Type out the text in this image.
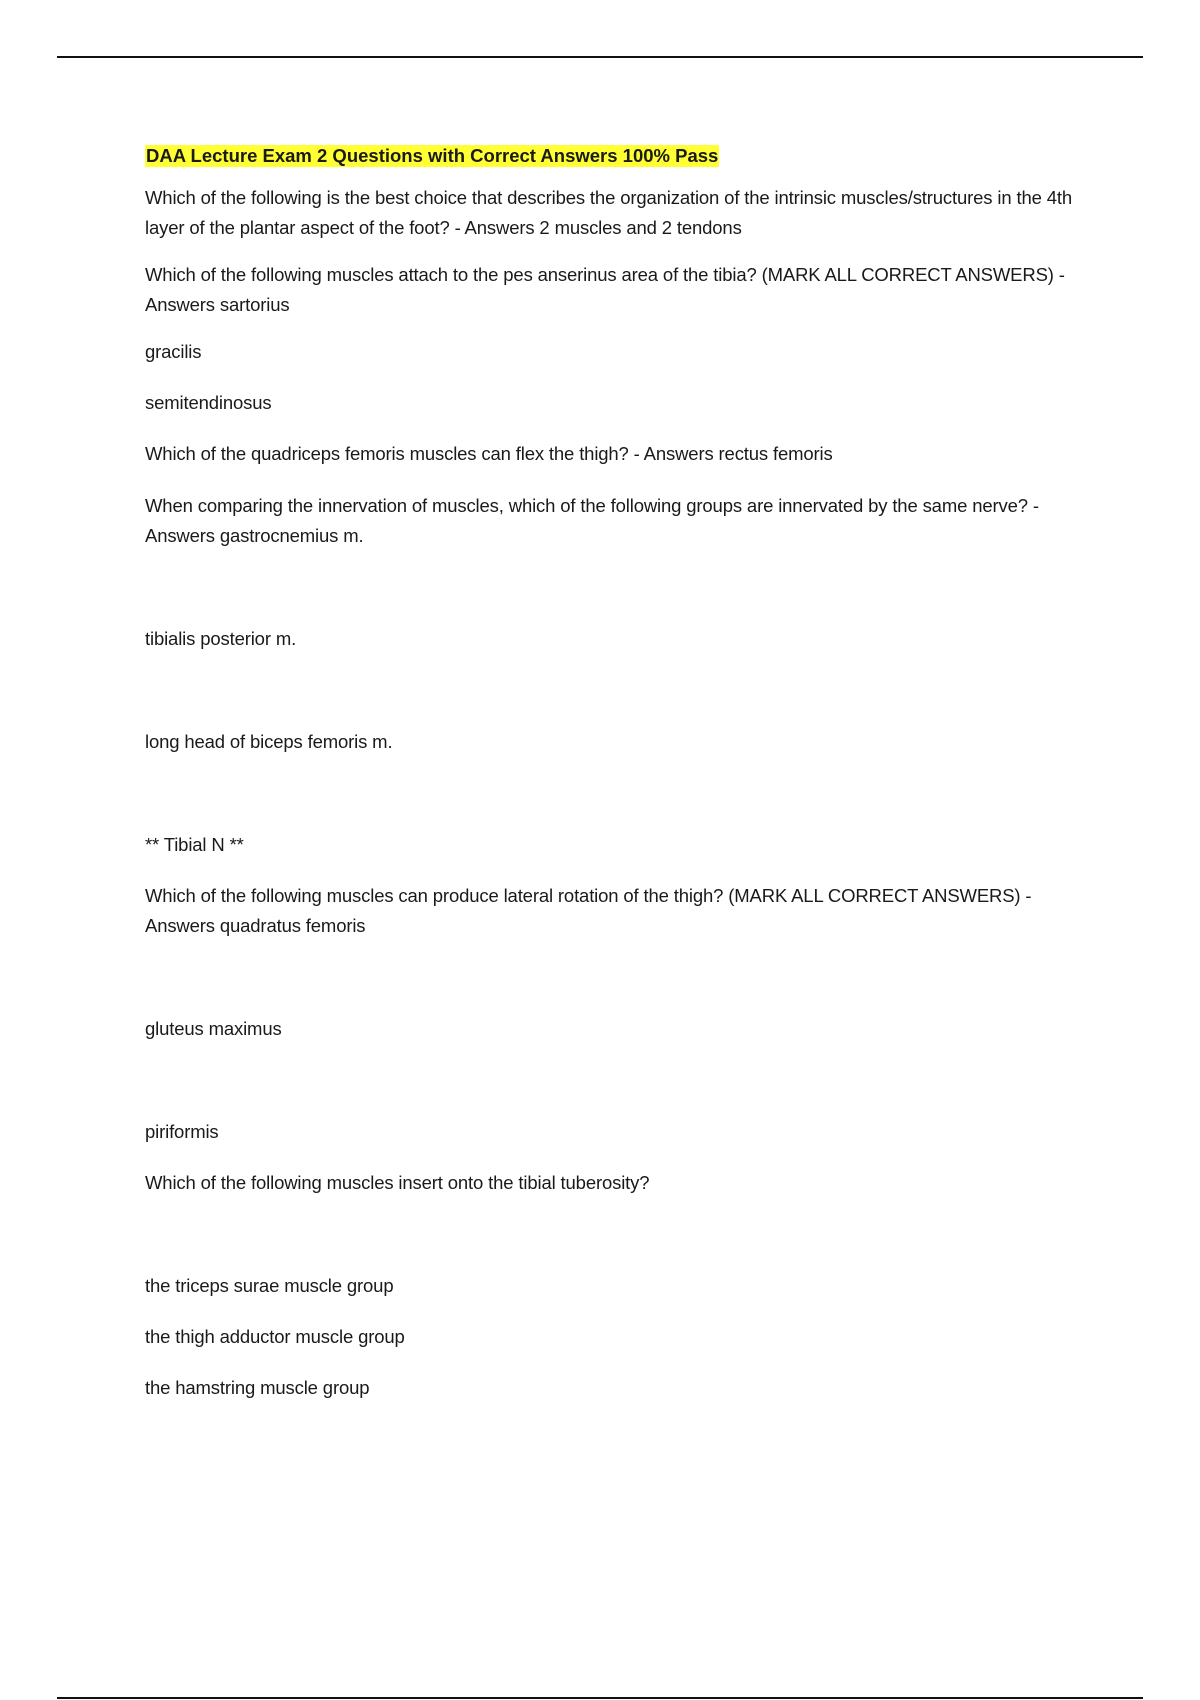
DAA Lecture Exam 2 Questions with Correct Answers 100% Pass

Which of the following is the best choice that describes the organization of the intrinsic muscles/structures in the 4th layer of the plantar aspect of the foot? - Answers 2 muscles and 2 tendons

Which of the following muscles attach to the pes anserinus area of the tibia? (MARK ALL CORRECT ANSWERS) - Answers sartorius

gracilis

semitendinosus

Which of the quadriceps femoris muscles can flex the thigh? - Answers rectus femoris

When comparing the innervation of muscles, which of the following groups are innervated by the same nerve? - Answers gastrocnemius m.

tibialis posterior m.

long head of biceps femoris m.

** Tibial N **

Which of the following muscles can produce lateral rotation of the thigh? (MARK ALL CORRECT ANSWERS) - Answers quadratus femoris

gluteus maximus

piriformis

Which of the following muscles insert onto the tibial tuberosity?

the triceps surae muscle group

the thigh adductor muscle group

the hamstring muscle group
